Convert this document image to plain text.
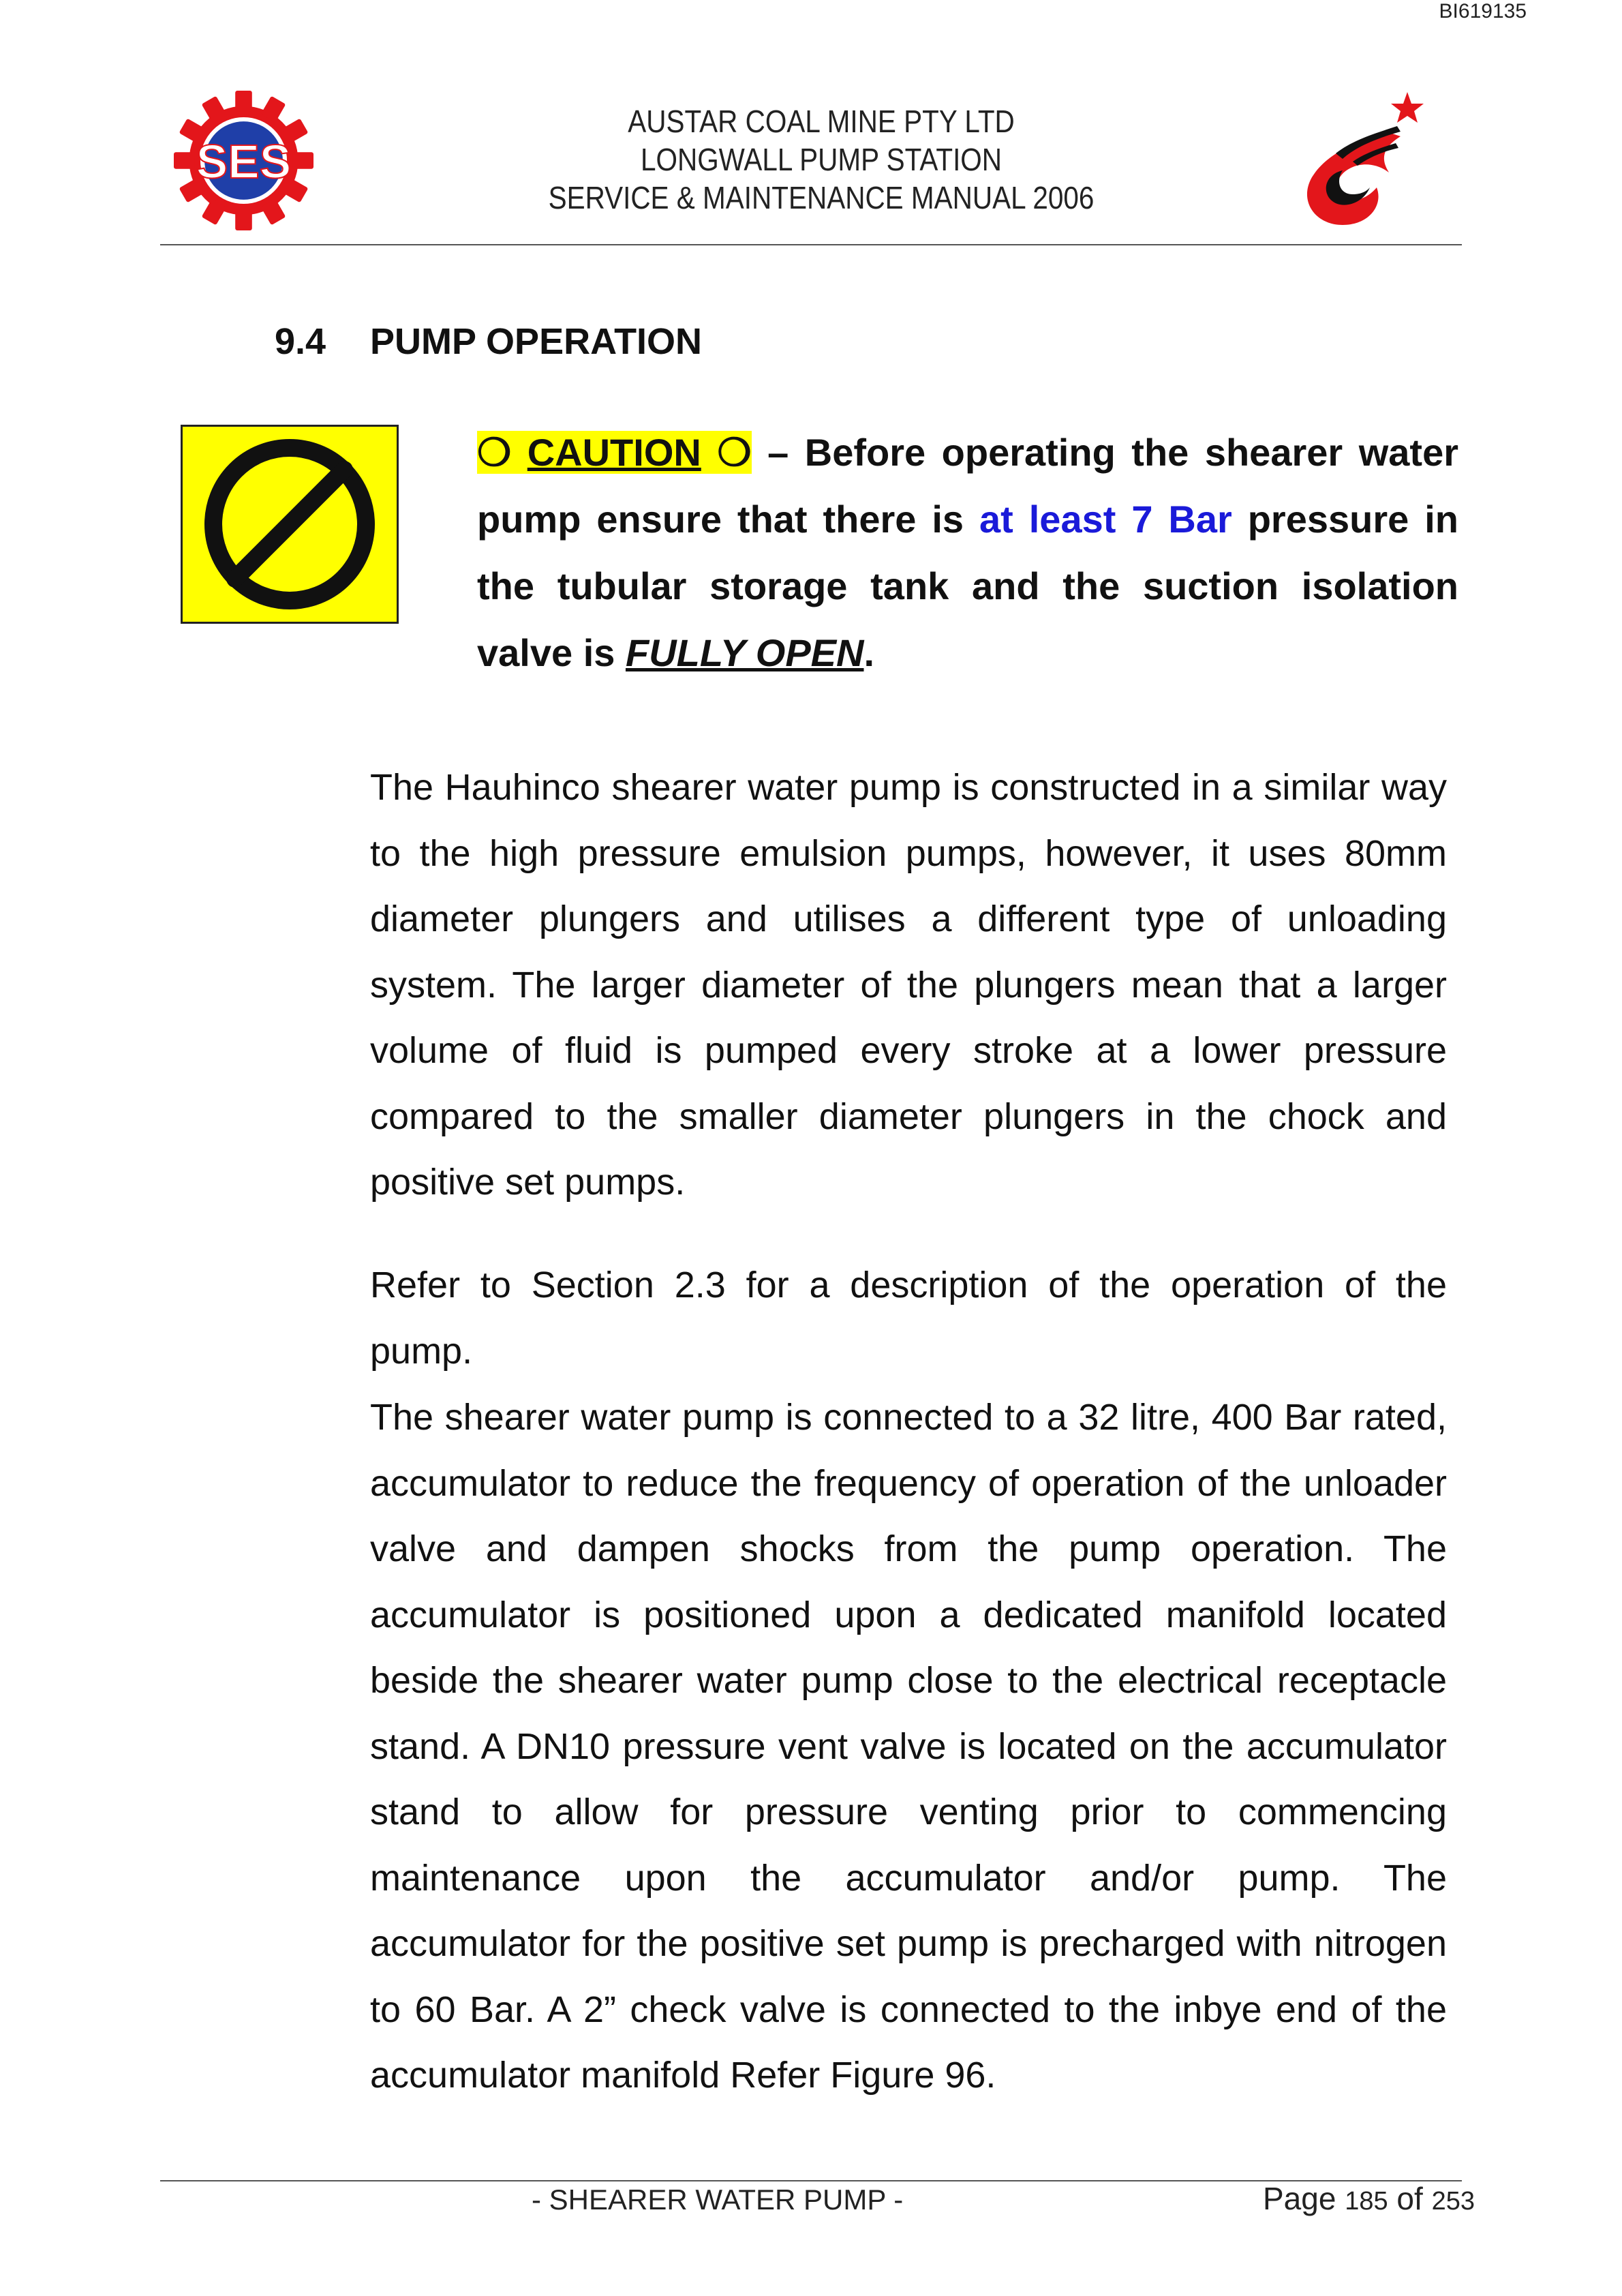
BI619135
SES
AUSTAR COAL MINE PTY LTD
LONGWALL PUMP STATION
SERVICE & MAINTENANCE MANUAL 2006
9.4 PUMP OPERATION
❍ CAUTION ❍ – Before operating the shearer water pump ensure that there is at least 7 Bar pressure in the tubular storage tank and the suction isolation valve is FULLY OPEN.

The Hauhinco shearer water pump is constructed in a similar way to the high pressure emulsion pumps, however, it uses 80mm diameter plungers and utilises a different type of unloading system. The larger diameter of the plungers mean that a larger volume of fluid is pumped every stroke at a lower pressure compared to the smaller diameter plungers in the chock and positive set pumps.

Refer to Section 2.3 for a description of the operation of the pump.

The shearer water pump is connected to a 32 litre, 400 Bar rated, accumulator to reduce the frequency of operation of the unloader valve and dampen shocks from the pump operation. The accumulator is positioned upon a dedicated manifold located beside the shearer water pump close to the electrical receptacle stand. A DN10 pressure vent valve is located on the accumulator stand to allow for pressure venting prior to commencing maintenance upon the accumulator and/or pump. The accumulator for the positive set pump is precharged with nitrogen to 60 Bar. A 2” check valve is connected to the inbye end of the accumulator manifold Refer Figure 96.

- SHEARER WATER PUMP -	Page 185 of 253
